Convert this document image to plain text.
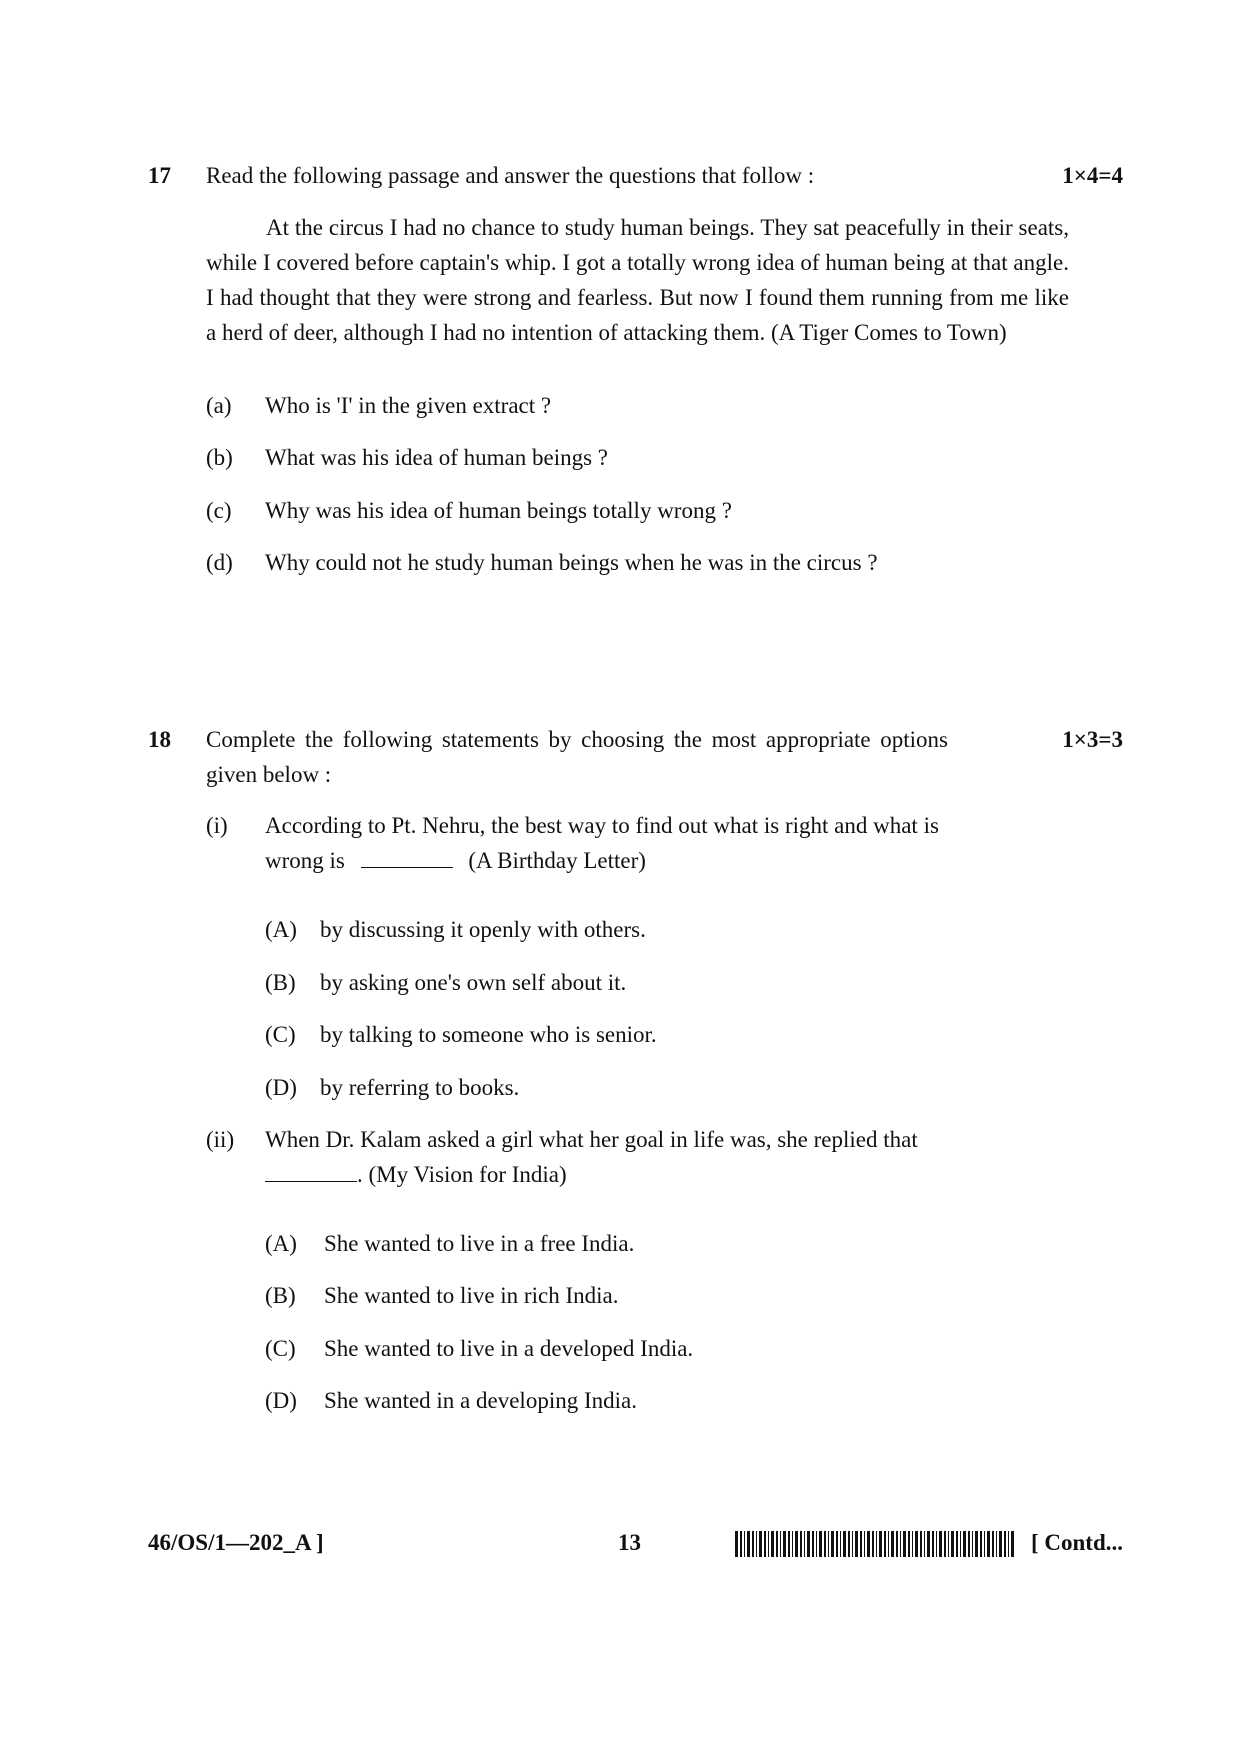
17 Read the following passage and answer the questions that follow :	1×4=4
At the circus I had no chance to study human beings. They sat peacefully in their seats, while I covered before captain's whip. I got a totally wrong idea of human being at that angle. I had thought that they were strong and fearless. But now I found them running from me like a herd of deer, although I had no intention of attacking them. (A Tiger Comes to Town)
(a) Who is 'I' in the given extract ?
(b) What was his idea of human beings ?
(c) Why was his idea of human beings totally wrong ?
(d) Why could not he study human beings when he was in the circus ?
18 Complete the following statements by choosing the most appropriate options given below :
1×3=3
(i) According to Pt. Nehru, the best way to find out what is right and what is
wrong is	(A Birthday Letter)
(A) by discussing it openly with others.
(B) by asking one's own self about it.
(C) by talking to someone who is senior.
(D) by referring to books.
(ii) When Dr. Kalam asked a girl what her goal in life was, she replied that
. (My Vision for India)
(A) She wanted to live in a free India.
(B) She wanted to live in rich India.
(C) She wanted to live in a developed India.
(D) She wanted in a developing India.
46/OS/1—202_A ]	13	[ Contd...
